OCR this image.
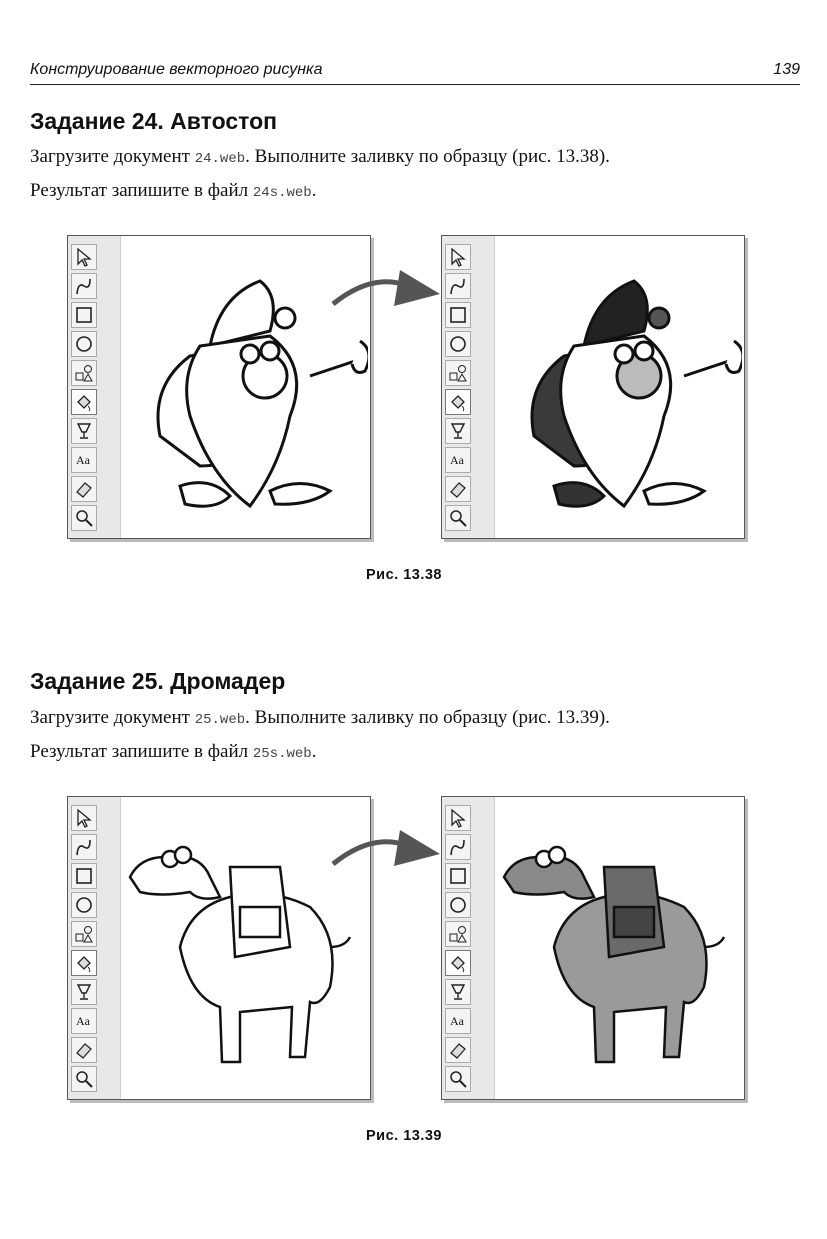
Конструирование векторного рисунка	139
Задание 24. Автостоп
Загрузите документ 24.web. Выполните заливку по образцу (рис. 13.38).
Результат запишите в файл 24s.web.
Aa	Aa
Рис. 13.38
Задание 25. Дромадер
Загрузите документ 25.web. Выполните заливку по образцу (рис. 13.39).
Результат запишите в файл 25s.web.
Aa	Aa
Рис. 13.39
